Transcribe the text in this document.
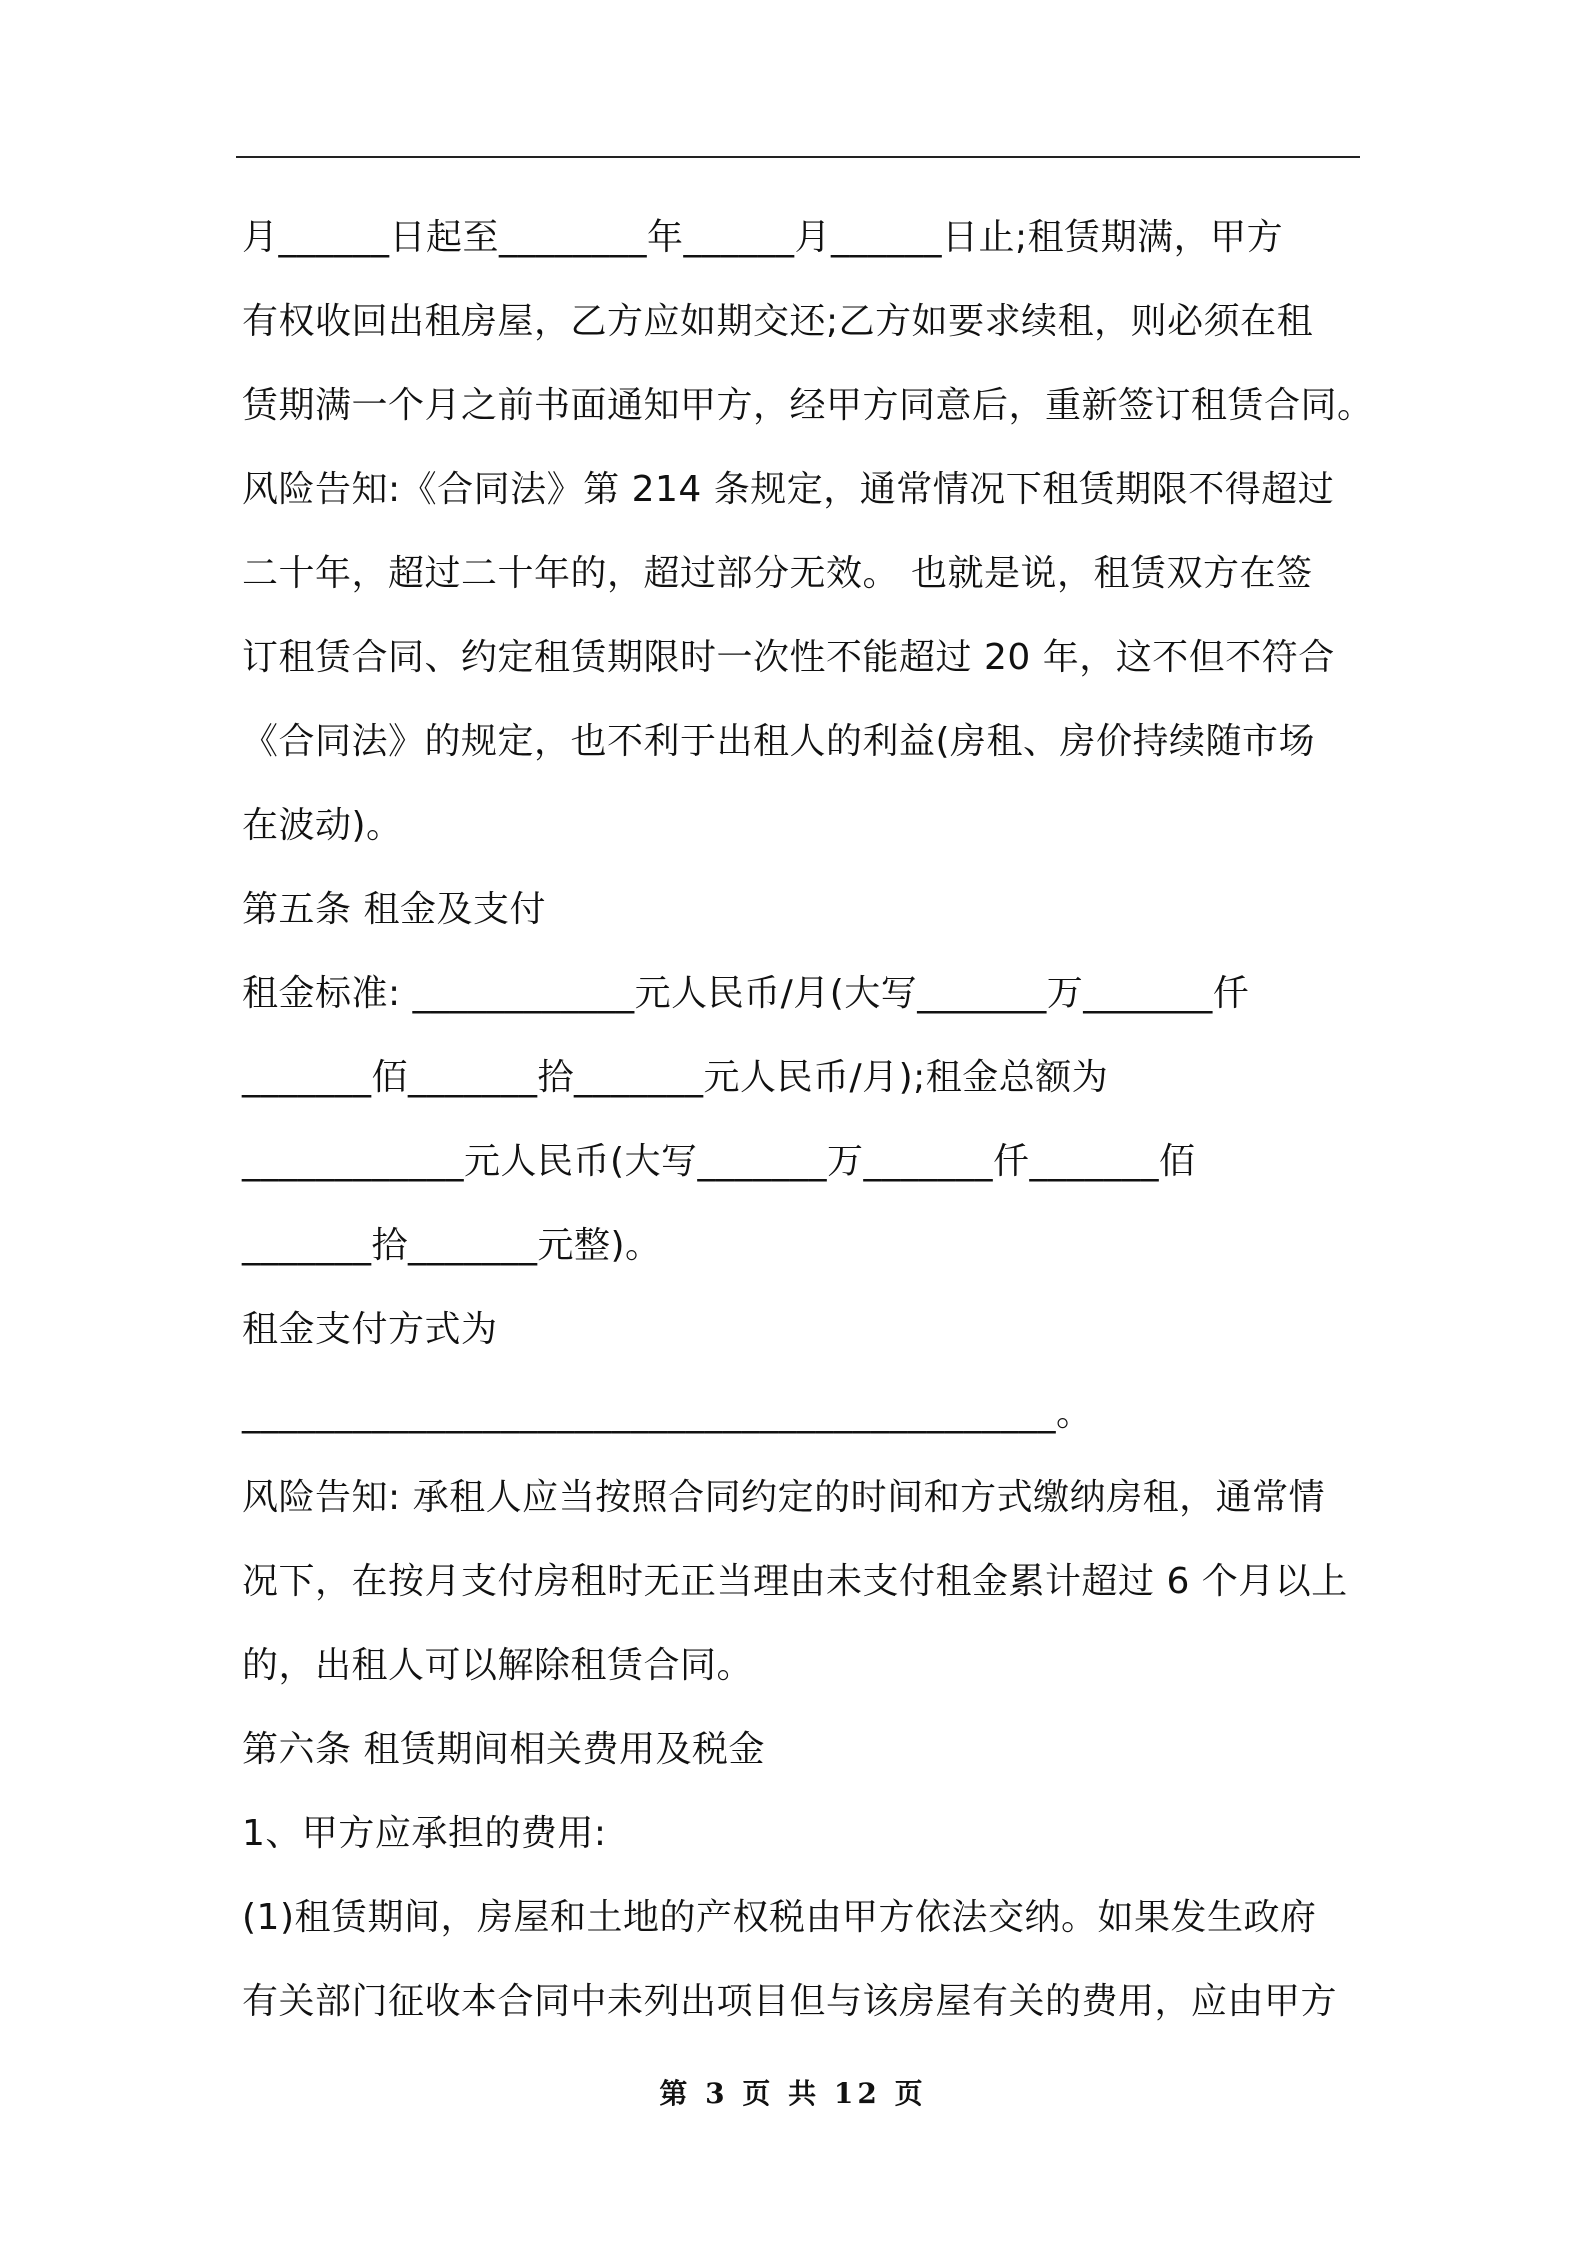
月______日起至________年______月______日止;租赁期满，甲方
有权收回出租房屋，乙方应如期交还;乙方如要求续租，则必须在租
赁期满一个月之前书面通知甲方，经甲方同意后，重新签订租赁合同。
风险告知:《合同法》第 214 条规定，通常情况下租赁期限不得超过
二十年，超过二十年的，超过部分无效。 也就是说，租赁双方在签
订租赁合同、约定租赁期限时一次性不能超过 20 年，这不但不符合
《合同法》的规定，也不利于出租人的利益(房租、房价持续随市场
在波动)。
第五条 租金及支付
租金标准: ____________元人民币/月(大写_______万_______仟
_______佰_______拾_______元人民币/月);租金总额为
____________元人民币(大写_______万_______仟_______佰
_______拾_______元整)。
租金支付方式为
____________________________________________。
风险告知: 承租人应当按照合同约定的时间和方式缴纳房租，通常情
况下，在按月支付房租时无正当理由未支付租金累计超过 6 个月以上
的，出租人可以解除租赁合同。
第六条 租赁期间相关费用及税金
1、甲方应承担的费用:
(1)租赁期间，房屋和土地的产权税由甲方依法交纳。如果发生政府
有关部门征收本合同中未列出项目但与该房屋有关的费用，应由甲方
第 3 页 共 12 页
